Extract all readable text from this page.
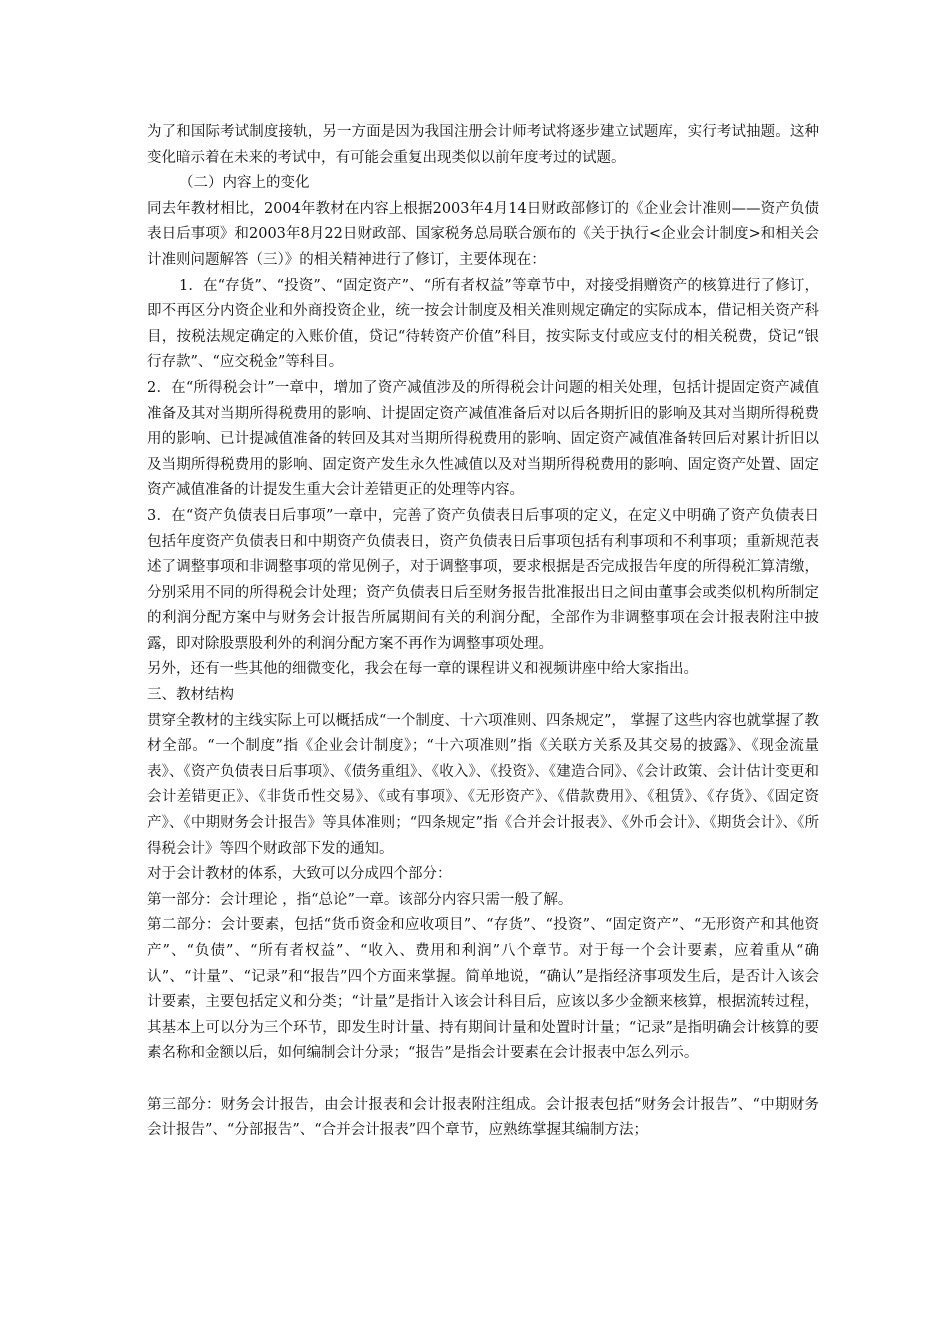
为了和国际考试制度接轨，另一方面是因为我国注册会计师考试将逐步建立试题库，实行考试抽题。这种变化暗示着在未来的考试中，有可能会重复出现类似以前年度考过的试题。

（二）内容上的变化

同去年教材相比，2004年教材在内容上根据2003年4月14日财政部修订的《企业会计准则——资产负债表日后事项》和2003年8月22日财政部、国家税务总局联合颁布的《关于执行<企业会计制度>和相关会计准则问题解答（三）》的相关精神进行了修订，主要体现在：

1．在“存货”、“投资”、“固定资产”、“所有者权益”等章节中，对接受捐赠资产的核算进行了修订，即不再区分内资企业和外商投资企业，统一按会计制度及相关准则规定确定的实际成本，借记相关资产科目，按税法规定确定的入账价值，贷记“待转资产价值”科目，按实际支付或应支付的相关税费，贷记“银行存款”、“应交税金”等科目。

2．在“所得税会计”一章中，增加了资产减值涉及的所得税会计问题的相关处理，包括计提固定资产减值准备及其对当期所得税费用的影响、计提固定资产减值准备后对以后各期折旧的影响及其对当期所得税费用的影响、已计提减值准备的转回及其对当期所得税费用的影响、固定资产减值准备转回后对累计折旧以及当期所得税费用的影响、固定资产发生永久性减值以及对当期所得税费用的影响、固定资产处置、固定资产减值准备的计提发生重大会计差错更正的处理等内容。

3．在“资产负债表日后事项”一章中，完善了资产负债表日后事项的定义，在定义中明确了资产负债表日包括年度资产负债表日和中期资产负债表日，资产负债表日后事项包括有利事项和不利事项；重新规范表述了调整事项和非调整事项的常见例子，对于调整事项，要求根据是否完成报告年度的所得税汇算清缴，分别采用不同的所得税会计处理；资产负债表日后至财务报告批准报出日之间由董事会或类似机构所制定的利润分配方案中与财务会计报告所属期间有关的利润分配，全部作为非调整事项在会计报表附注中披露，即对除股票股利外的利润分配方案不再作为调整事项处理。

另外，还有一些其他的细微变化，我会在每一章的课程讲义和视频讲座中给大家指出。

三、教材结构

贯穿全教材的主线实际上可以概括成“一个制度、十六项准则、四条规定”， 掌握了这些内容也就掌握了教材全部。“一个制度”指《企业会计制度》；“十六项准则”指《关联方关系及其交易的披露》、《现金流量表》、《资产负债表日后事项》、《债务重组》、《收入》、《投资》、《建造合同》、《会计政策、会计估计变更和会计差错更正》、《非货币性交易》、《或有事项》、《无形资产》、《借款费用》、《租赁》、《存货》、《固定资产》、《中期财务会计报告》等具体准则；“四条规定”指《合并会计报表》、《外币会计》、《期货会计》、《所得税会计》等四个财政部下发的通知。

对于会计教材的体系，大致可以分成四个部分：

第一部分：会计理论 ，指“总论”一章。该部分内容只需一般了解。

第二部分：会计要素，包括“货币资金和应收项目”、“存货”、“投资”、“固定资产”、“无形资产和其他资产”、“负债”、“所有者权益”、“收入、费用和利润”八个章节。对于每一个会计要素，应着重从“确认”、“计量”、“记录”和“报告”四个方面来掌握。简单地说，“确认”是指经济事项发生后，是否计入该会计要素，主要包括定义和分类；“计量”是指计入该会计科目后，应该以多少金额来核算，根据流转过程，其基本上可以分为三个环节，即发生时计量、持有期间计量和处置时计量；“记录”是指明确会计核算的要素名称和金额以后，如何编制会计分录；“报告”是指会计要素在会计报表中怎么列示。

第三部分：财务会计报告，由会计报表和会计报表附注组成。会计报表包括“财务会计报告”、“中期财务会计报告”、“分部报告”、“合并会计报表”四个章节，应熟练掌握其编制方法；
